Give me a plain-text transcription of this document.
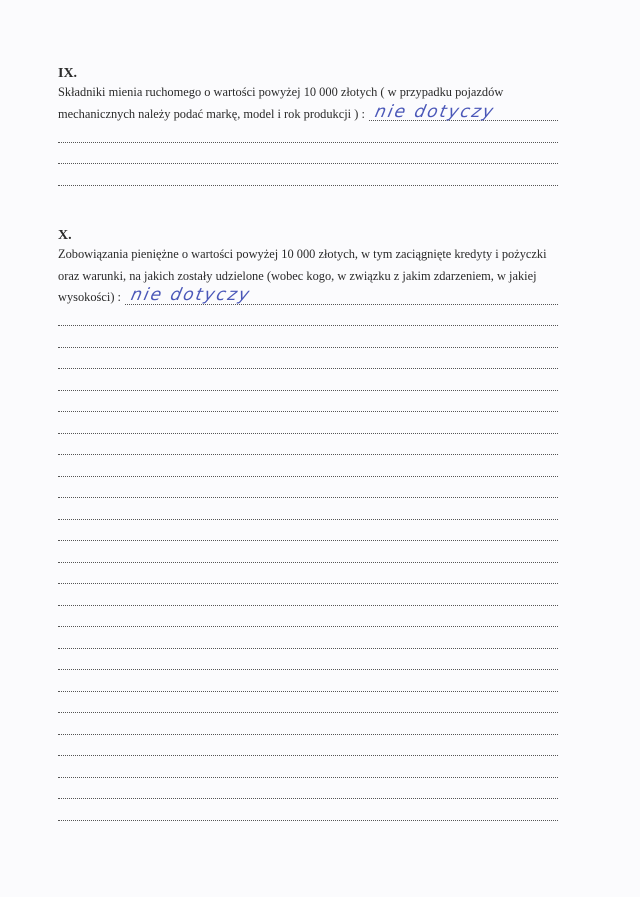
IX.

Składniki mienia ruchomego o wartości powyżej 10 000 złotych ( w przypadku pojazdów

mechanicznych należy podać markę, model i rok produkcji ) : nie dotyczy

X.

Zobowiązania pieniężne o wartości powyżej 10 000 złotych, w tym zaciągnięte kredyty i pożyczki

oraz warunki, na jakich zostały udzielone (wobec kogo, w związku z jakim zdarzeniem, w jakiej

wysokości) : nie dotyczy
